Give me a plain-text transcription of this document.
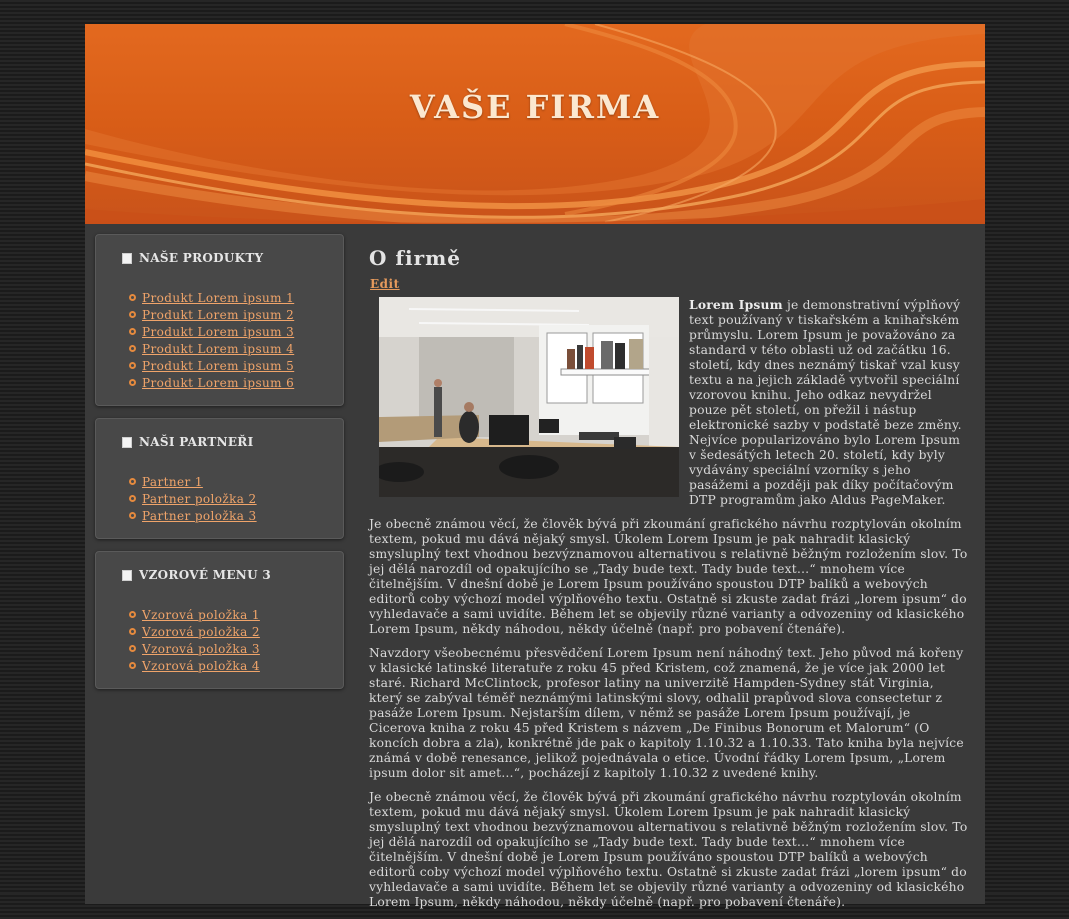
VAŠE FIRMA
NAŠE PRODUKTY
Produkt Lorem ipsum 1
Produkt Lorem ipsum 2
Produkt Lorem ipsum 3
Produkt Lorem ipsum 4
Produkt Lorem ipsum 5
Produkt Lorem ipsum 6
NAŠI PARTNEŘI
Partner 1
Partner položka 2
Partner položka 3
VZOROVÉ MENU 3
Vzorová položka 1
Vzorová položka 2
Vzorová položka 3
Vzorová položka 4
O firmě
Edit

Lorem Ipsum je demonstrativní výplňový text používaný v tiskařském a knihařském průmyslu. Lorem Ipsum je považováno za standard v této oblasti už od začátku 16. století, kdy dnes neznámý tiskař vzal kusy textu a na jejich základě vytvořil speciální vzorovou knihu. Jeho odkaz nevydržel pouze pět století, on přežil i nástup elektronické sazby v podstatě beze změny. Nejvíce popularizováno bylo Lorem Ipsum v šedesátých letech 20. století, kdy byly vydávány speciální vzorníky s jeho pasážemi a později pak díky počítačovým DTP programům jako Aldus PageMaker.

Je obecně známou věcí, že člověk bývá při zkoumání grafického návrhu rozptylován okolním textem, pokud mu dává nějaký smysl. Úkolem Lorem Ipsum je pak nahradit klasický smysluplný text vhodnou bezvýznamovou alternativou s relativně běžným rozložením slov. To jej dělá narozdíl od opakujícího se „Tady bude text. Tady bude text…“ mnohem více čitelnějším. V dnešní době je Lorem Ipsum používáno spoustou DTP balíků a webových editorů coby výchozí model výplňového textu. Ostatně si zkuste zadat frázi „lorem ipsum“ do vyhledavače a sami uvidíte. Během let se objevily různé varianty a odvozeniny od klasického Lorem Ipsum, někdy náhodou, někdy účelně (např. pro pobavení čtenáře).

Navzdory všeobecnému přesvědčení Lorem Ipsum není náhodný text. Jeho původ má kořeny v klasické latinské literatuře z roku 45 před Kristem, což znamená, že je více jak 2000 let staré. Richard McClintock, profesor latiny na univerzitě Hampden-Sydney stát Virginia, který se zabýval téměř neznámými latinskými slovy, odhalil prapůvod slova consectetur z pasáže Lorem Ipsum. Nejstarším dílem, v němž se pasáže Lorem Ipsum používají, je Cicerova kniha z roku 45 před Kristem s názvem „De Finibus Bonorum et Malorum“ (O koncích dobra a zla), konkrétně jde pak o kapitoly 1.10.32 a 1.10.33. Tato kniha byla nejvíce známá v době renesance, jelikož pojednávala o etice. Úvodní řádky Lorem Ipsum, „Lorem ipsum dolor sit amet…“, pocházejí z kapitoly 1.10.32 z uvedené knihy.

Je obecně známou věcí, že člověk bývá při zkoumání grafického návrhu rozptylován okolním textem, pokud mu dává nějaký smysl. Úkolem Lorem Ipsum je pak nahradit klasický smysluplný text vhodnou bezvýznamovou alternativou s relativně běžným rozložením slov. To jej dělá narozdíl od opakujícího se „Tady bude text. Tady bude text…“ mnohem více čitelnějším. V dnešní době je Lorem Ipsum používáno spoustou DTP balíků a webových editorů coby výchozí model výplňového textu. Ostatně si zkuste zadat frázi „lorem ipsum“ do vyhledavače a sami uvidíte. Během let se objevily různé varianty a odvozeniny od klasického Lorem Ipsum, někdy náhodou, někdy účelně (např. pro pobavení čtenáře).
